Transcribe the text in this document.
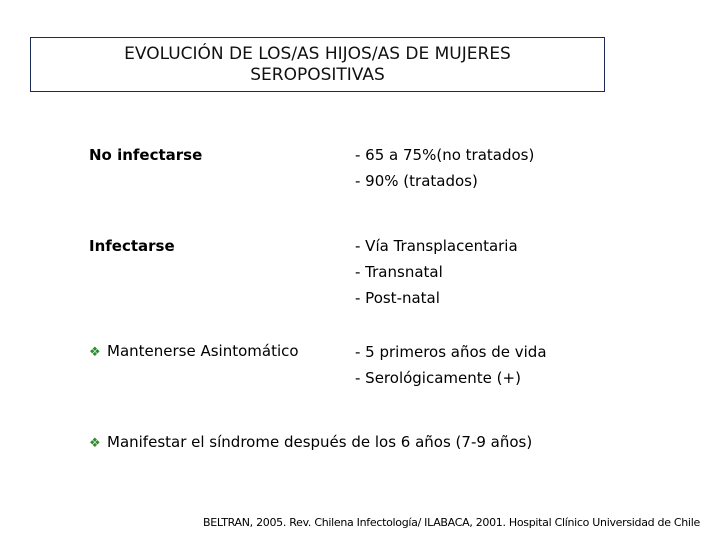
EVOLUCIÓN DE LOS/AS HIJOS/AS DE MUJERES
SEROPOSITIVAS
No infectarse	- 65 a 75%(no tratados)
- 90% (tratados)
Infectarse	- Vía Transplacentaria
- Transnatal
- Post-natal
❖ Mantenerse Asintomático	- 5 primeros años de vida
- Serológicamente (+)
❖ Manifestar el síndrome después de los 6 años (7-9 años)
BELTRAN, 2005. Rev. Chilena Infectología/ ILABACA, 2001. Hospital Clínico Universidad de Chile
